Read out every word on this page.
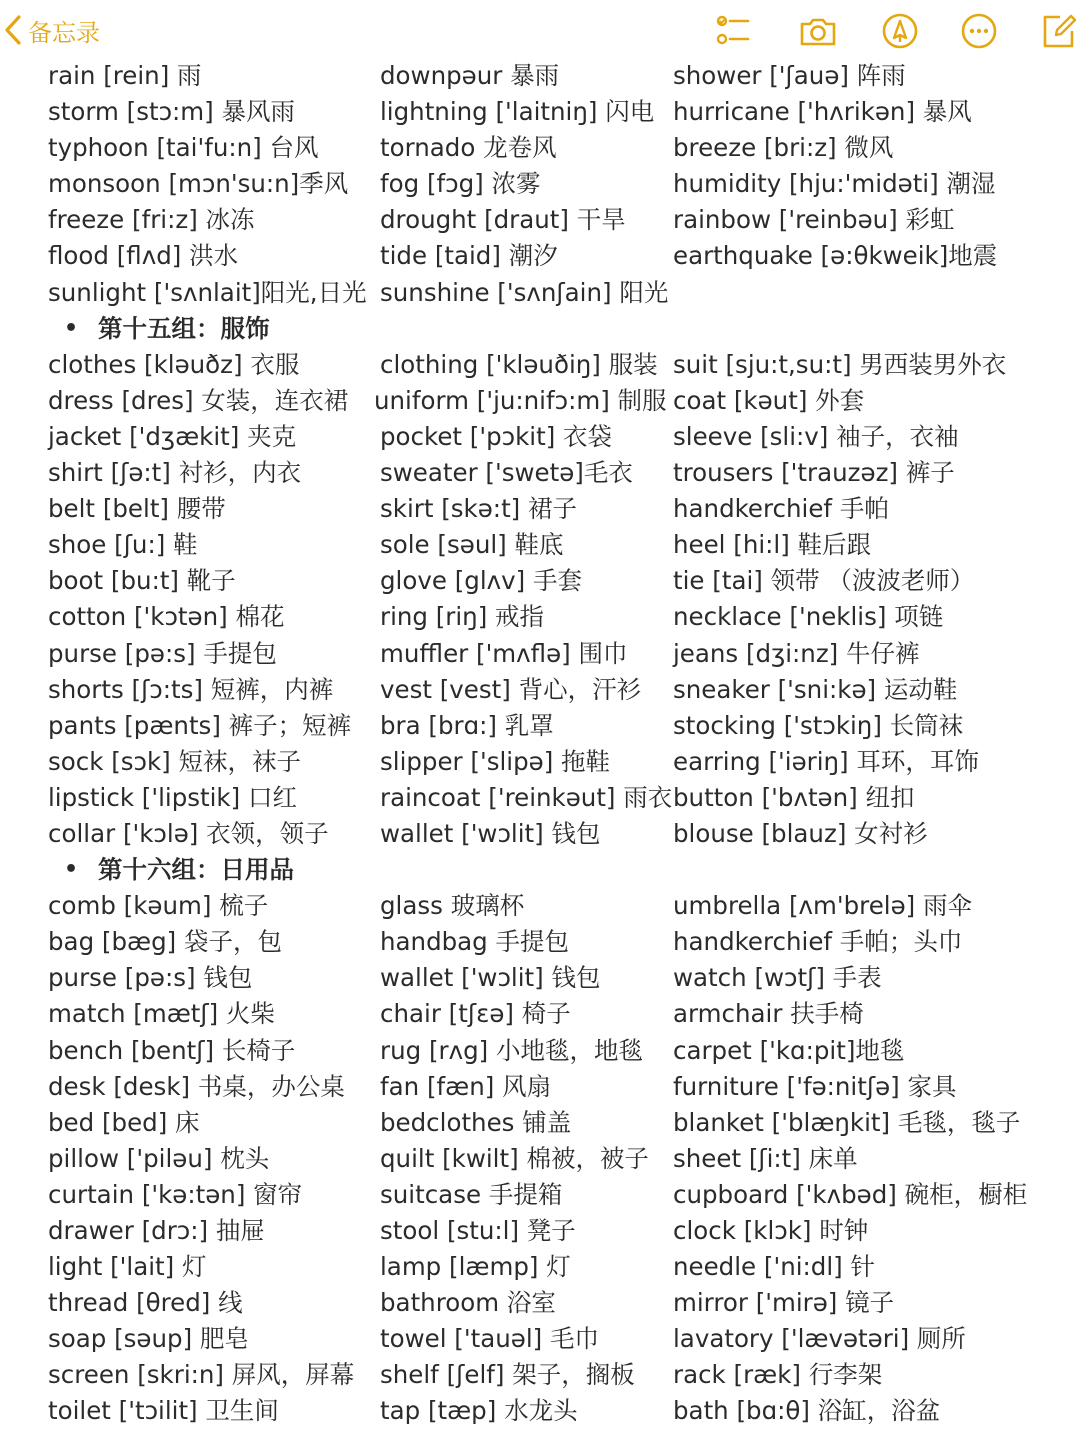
备忘录
rain [rein] 雨	downpəur 暴雨	shower ['ʃauə] 阵雨
storm [stɔ:m] 暴风雨	lightning ['laitniŋ] 闪电 hurricane ['hʌrikən] 暴风
typhoon [tai'fu:n] 台风	tornado 龙卷风	breeze [bri:z] 微风
monsoon [mɔn'su:n]季风 fog [fɔg] 浓雾	humidity [hju:'midəti] 潮湿
freeze [fri:z] 冰冻	drought [draut] 干旱 rainbow ['reinbəu] 彩虹
flood [flʌd] 洪水	tide [taid] 潮汐	earthquake [ə:θkweik]地震
sunlight ['sʌnlait]阳光,日光 sunshine ['sʌnʃain] 阳光
• 第十五组：服饰
clothes [kləuðz] 衣服	clothing ['kləuðiŋ] 服装 suit [sju:t,su:t] 男西装男外衣
dress [dres] 女装，连衣裙 uniform ['ju:nifɔ:m] 制服 coat [kəut] 外套
jacket ['dʒækit] 夹克	pocket ['pɔkit] 衣袋 sleeve [sli:v] 袖子，衣袖
shirt [ʃə:t] 衬衫，内衣	sweater ['swetə]毛衣 trousers ['trauzəz] 裤子
belt [belt] 腰带	skirt [skə:t] 裙子	handkerchief 手帕
shoe [ʃu:] 鞋	sole [səul] 鞋底	heel [hi:l] 鞋后跟
boot [bu:t] 靴子	glove [glʌv] 手套	tie [tai] 领带 （波波老师）
cotton ['kɔtən] 棉花	ring [riŋ] 戒指	necklace ['neklis] 项链
purse [pə:s] 手提包	muffler ['mʌflə] 围巾 jeans [dʒi:nz] 牛仔裤
shorts [ʃɔ:ts] 短裤，内裤 vest [vest] 背心，汗衫 sneaker ['sni:kə] 运动鞋
pants [pænts] 裤子；短裤 bra [brɑ:] 乳罩	stocking ['stɔkiŋ] 长筒袜
sock [sɔk] 短袜，袜子	slipper ['slipə] 拖鞋	earring ['iəriŋ] 耳环，耳饰
lipstick ['lipstik] 口红	raincoat ['reinkəut] 雨衣 button ['bʌtən] 纽扣
collar ['kɔlə] 衣领，领子 wallet ['wɔlit] 钱包	blouse [blauz] 女衬衫
• 第十六组：日用品
comb [kəum] 梳子	glass 玻璃杯	umbrella [ʌm'brelə] 雨伞
bag [bæg] 袋子，包	handbag 手提包	handkerchief 手帕；头巾
purse [pə:s] 钱包	wallet ['wɔlit] 钱包	watch [wɔtʃ] 手表
match [mætʃ] 火柴	chair [tʃɛə] 椅子	armchair 扶手椅
bench [bentʃ] 长椅子	rug [rʌg] 小地毯，地毯 carpet ['kɑ:pit]地毯
desk [desk] 书桌，办公桌 fan [fæn] 风扇	furniture ['fə:nitʃə] 家具
bed [bed] 床	bedclothes 铺盖	blanket ['blæŋkit] 毛毯，毯子
pillow ['piləu] 枕头	quilt [kwilt] 棉被，被子 sheet [ʃi:t] 床单
curtain ['kə:tən] 窗帘	suitcase 手提箱	cupboard ['kʌbəd] 碗柜，橱柜
drawer [drɔ:] 抽屉	stool [stu:l] 凳子	clock [klɔk] 时钟
light ['lait] 灯	lamp [læmp] 灯	needle ['ni:dl] 针
thread [θred] 线	bathroom 浴室	mirror ['mirə] 镜子
soap [səup] 肥皂	towel ['tauəl] 毛巾	lavatory ['lævətəri] 厕所
screen [skri:n] 屏风，屏幕 shelf [ʃelf] 架子，搁板 rack [ræk] 行李架
toilet ['tɔilit] 卫生间	tap [tæp] 水龙头	bath [bɑ:θ] 浴缸，浴盆
